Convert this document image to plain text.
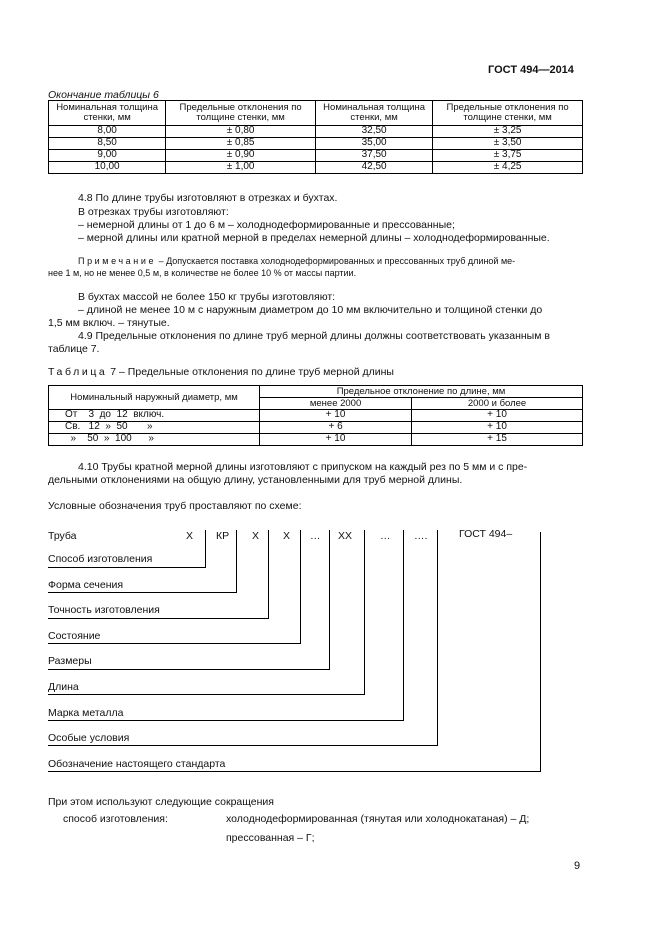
ГОСТ 494—2014
Окончание таблицы 6
Номинальная толщина стенки, мм	Предельные отклонения по толщине стенки, мм	Номинальная толщина стенки, мм	Предельные отклонения по толщине стенки, мм
8,00	± 0,80	32,50	± 3,25
8,50	± 0,85	35,00	± 3,50
9,00	± 0,90	37,50	± 3,75
10,00	± 1,00	42,50	± 4,25
4.8 По длине трубы изготовляют в отрезках и бухтах.
В отрезках трубы изготовляют:
– немерной длины от 1 до 6 м – холоднодеформированные и прессованные;
– мерной длины или кратной мерной в пределах немерной длины – холоднодеформированные.
Примечание – Допускается поставка холоднодеформированных и прессованных труб длиной ме-
нее 1 м, но не менее 0,5 м, в количестве не более 10 % от массы партии.
В бухтах массой не более 150 кг трубы изготовляют:
– длиной не менее 10 м с наружным диаметром до 10 мм включительно и толщиной стенки до
1,5 мм включ. – тянутые.
4.9 Предельные отклонения по длине труб мерной длины должны соответствовать указанным в
таблице 7.
Таблица 7 – Предельные отклонения по длине труб мерной длины
Номинальный наружный диаметр, мм	Предельное отклонение по длине, мм	
	менее 2000	2000 и более
От    3  до  12  включ.	+ 10	+ 10
Св.   12  »  50       »	+ 6	+ 10
»    50  »  100      »	+ 10	+ 15
4.10 Трубы кратной мерной длины изготовляют с припуском на каждый рез по 5 мм и с пре-
дельными отклонениями на общую длину, установленными для труб мерной длины.
Условные обозначения труб проставляют по схеме:
Труба	Х КР Х Х … ХХ	… ….	ГОСТ 494–
Способ изготовления
Форма сечения
Точность изготовления
Состояние
Размеры
Длина
Марка металла
Особые условия
Обозначение настоящего стандарта
При этом используют следующие сокращения
способ изготовления:	холоднодеформированная (тянутая или холоднокатаная) – Д;
прессованная – Г;
9
